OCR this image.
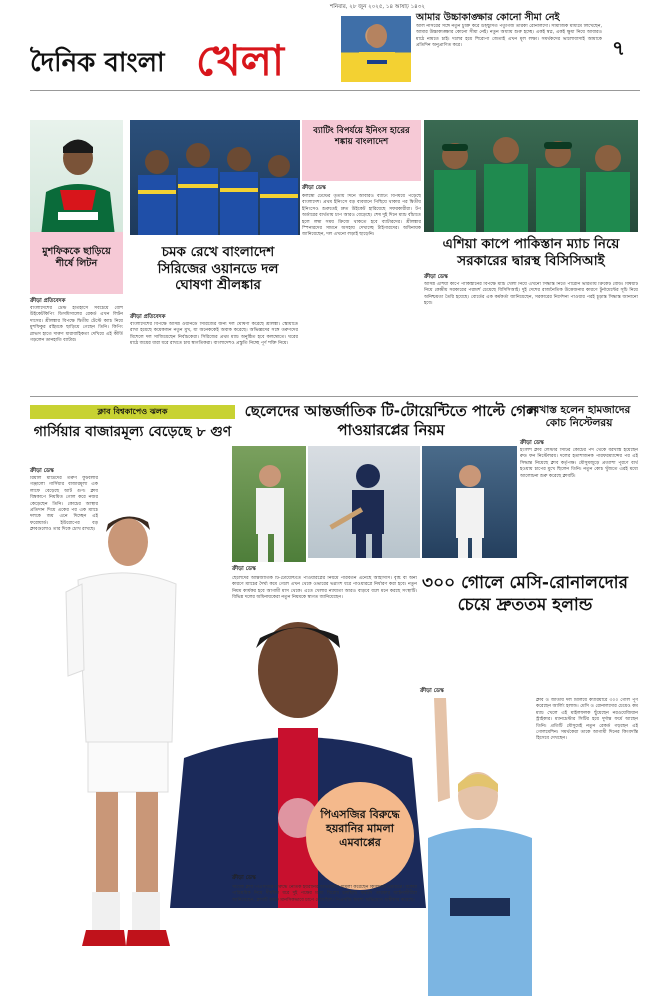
শনিবার, ২৮ জুন ২০২৫, ১৪ আষাঢ় ১৪৩২
৭
দৈনিক বাংলা খেলা
আমার উচ্চাকাঙ্ক্ষার কোনো সীমা নেই
আল নাসরের সঙ্গে নতুন চুক্তি করে উচ্ছ্বসিত পর্তুগিজ তারকা রোনালদো। সামাজিক মাধ্যমে লিখেছেন, আমার উচ্চাকাঙ্ক্ষার কোনো সীমা নেই। নতুন অধ্যায় শুরু হচ্ছে। একই স্বপ্ন, একই ক্ষুধা নিয়ে আবারও মাঠে নামতে চাই। দলের হয়ে শিরোপা জেতাই এখন মূল লক্ষ্য। সমর্থকদের ভালোবাসাই আমাকে প্রতিদিন অনুপ্রাণিত করে।
মুশফিককে ছাড়িয়ে শীর্ষে লিটন
ক্রীড়া প্রতিবেদক
বাংলাদেশের টেস্ট ইতিহাসে সবচেয়ে বেশি উইকেটকিপিং ডিসমিসালের রেকর্ড এখন লিটন দাসের। শ্রীলঙ্কার বিপক্ষে দ্বিতীয় টেস্টে ক্যাচ নিয়ে মুশফিকুর রহিমকে ছাড়িয়ে গেছেন তিনি। কিপিং গ্লাভস হাতে দারুণ ধারাবাহিকতা দেখিয়ে এই কীর্তি গড়লেন ডানহাতি ব্যাটার।
ব্যাটিং বিপর্যয়ে ইনিংস হারের শঙ্কায় বাংলাদেশ
ক্রীড়া ডেস্ক
কলম্বো টেস্টের তৃতীয় দিনে আবারও ব্যাটিং বিপর্যয়ে পড়েছে বাংলাদেশ। প্রথম ইনিংসে বড় ব্যবধানে পিছিয়ে থাকার পর দ্বিতীয় ইনিংসেও শুরুতেই দ্রুত উইকেট হারিয়েছে সফরকারীরা। টপ অর্ডারের ব্যর্থতায় চাপ আরও বেড়েছে। শেষ দুই দিনে ম্যাচ বাঁচাতে হলে লম্বা সময় ক্রিজে থাকতে হবে ব্যাটারদের। শ্রীলঙ্কার স্পিনারদের সামনে অসহায় দেখাচ্ছে টাইগারদের। অধিনায়ক জানিয়েছেন, দল এখনো লড়াই ছাড়েনি।
চমক রেখে বাংলাদেশ সিরিজের ওয়ানডে দল ঘোষণা শ্রীলঙ্কার
ক্রীড়া প্রতিবেদক
বাংলাদেশের বিপক্ষে আসন্ন ওয়ানডে সিরিজের জন্য দল ঘোষণা করেছে শ্রীলঙ্কা। স্কোয়াডে রাখা হয়েছে কয়েকজন নতুন মুখ, যা অনেককেই অবাক করেছে। অভিজ্ঞদের সঙ্গে তরুণদের মিশেলে দল সাজিয়েছেন নির্বাচকেরা। সিরিজের প্রথম ম্যাচ অনুষ্ঠিত হবে কলম্বোতে। ঘরের মাঠে জয়ের ধারা ধরে রাখতে চায় স্বাগতিকরা। বাংলাদেশও প্রস্তুতি নিচ্ছে পূর্ণ শক্তি নিয়ে।
এশিয়া কাপে পাকিস্তান ম্যাচ নিয়ে সরকারের দ্বারস্থ বিসিসিআই
ক্রীড়া ডেস্ক
আসন্ন এশিয়া কাপে পাকিস্তানের বিপক্ষে ম্যাচ খেলা নিয়ে এখনো সিদ্ধান্ত নিতে পারেনি ভারতীয় ক্রিকেট বোর্ড। বিষয়টি নিয়ে কেন্দ্রীয় সরকারের পরামর্শ চেয়েছে বিসিসিআই। দুই দেশের রাজনৈতিক উত্তেজনার কারণে টুর্নামেন্টের সূচি নিয়ে অনিশ্চয়তা তৈরি হয়েছে। বোর্ডের এক কর্মকর্তা জানিয়েছেন, সরকারের নির্দেশনা পাওয়ার পরই চূড়ান্ত সিদ্ধান্ত জানানো হবে।
ক্লাব বিশ্বকাপেও ঝলক
গার্সিয়ার বাজারমূল্য বেড়েছে ৮ গুণ
ক্রীড়া ডেস্ক
রিয়াল মাদ্রিদের তরুণ ফুটবলার গঞ্জালো গার্সিয়ার বাজারমূল্য এক লাফে বেড়েছে আট গুণ। ক্লাব বিশ্বকাপে নিয়মিত গোল করে নজর কেড়েছেন তিনি। কোচের আস্থার প্রতিদান দিয়ে একের পর এক ম্যাচে দলকে জয় এনে দিচ্ছেন এই ফরোয়ার্ড। ইউরোপের বড় ক্লাবগুলোও তার দিকে চোখ রাখছে।
ছেলেদের আন্তর্জাতিক টি-টোয়েন্টিতে পাল্টে গেল পাওয়ারপ্লের নিয়ম
ক্রীড়া ডেস্ক
ছেলেদের আন্তর্জাতিক টি-টোয়েন্টিতে পাওয়ারপ্লের নিয়মে পরিবর্তন এনেছে আইসিসি। বৃষ্টি বা অন্য কারণে ম্যাচের দৈর্ঘ্য কমে গেলে এখন থেকে ওভারের ভগ্নাংশ ধরে পাওয়ারপ্লে নির্ধারণ করা হবে। নতুন নিয়ম কার্যকর হবে আগামী মাস থেকে। এতে খেলার ন্যায্যতা আরও বাড়বে বলে মনে করছে সংস্থাটি। বিভিন্ন দলের অধিনায়কেরা নতুন নিয়মকে স্বাগত জানিয়েছেন।
বরখাস্ত হলেন হামজাদের কোচ নিস্টেলরয়
ক্রীড়া ডেস্ক
ইংলিশ ক্লাব লেস্টার সিটির কোচের পদ থেকে বরখাস্ত হয়েছেন রুড ফন নিস্টেলরয়। দলের হতাশাজনক পারফরম্যান্সের পর এই সিদ্ধান্ত নিয়েছে ক্লাব কর্তৃপক্ষ। মৌসুমজুড়ে প্রত্যাশা পূরণে ব্যর্থ হওয়ায় চাপের মুখে ছিলেন তিনি। নতুন কোচ খুঁজতে এরই মধ্যে আলোচনা শুরু করেছে ক্লাবটি।
৩০০ গোলে মেসি-রোনালদোর চেয়ে দ্রুততম হলান্ড
ক্রীড়া ডেস্ক
ক্লাব ও জাতীয় দল মিলিয়ে ক্যারিয়ারে ৩০০ গোল পূর্ণ করেছেন আর্লিং হলান্ড। মেসি ও রোনালদোর চেয়েও কম ম্যাচ খেলে এই মাইলফলক ছুঁয়েছেন নরওয়েজিয়ান স্ট্রাইকার। ম্যানচেস্টার সিটির হয়ে দুর্দান্ত ফর্মে আছেন তিনি। প্রতিটি মৌসুমেই নতুন রেকর্ড গড়ছেন এই গোলমেশিন। সমর্থকেরা তাকে আগামী দিনের কিংবদন্তি হিসেবে দেখছেন।
পিএসজির বিরুদ্ধে হয়রানির মামলা এমবাপ্পের
ক্রীড়া ডেস্ক
সাবেক ক্লাব পিএসজির বিরুদ্ধে নৈতিক হয়রানির অভিযোগে মামলা করেছেন কিলিয়ান এমবাপ্পে। বকেয়া পারিশ্রমিক নিয়ে দীর্ঘদিন ধরে দুই পক্ষের মধ্যে বিরোধ চলছিল। ফরাসি তারকার আইনজীবীরা জানিয়েছেন, ক্লাবটি তাকে মানসিকভাবে চাপে রেখেছিল। পিএসজি অবশ্য অভিযোগ অস্বীকার করেছে।
